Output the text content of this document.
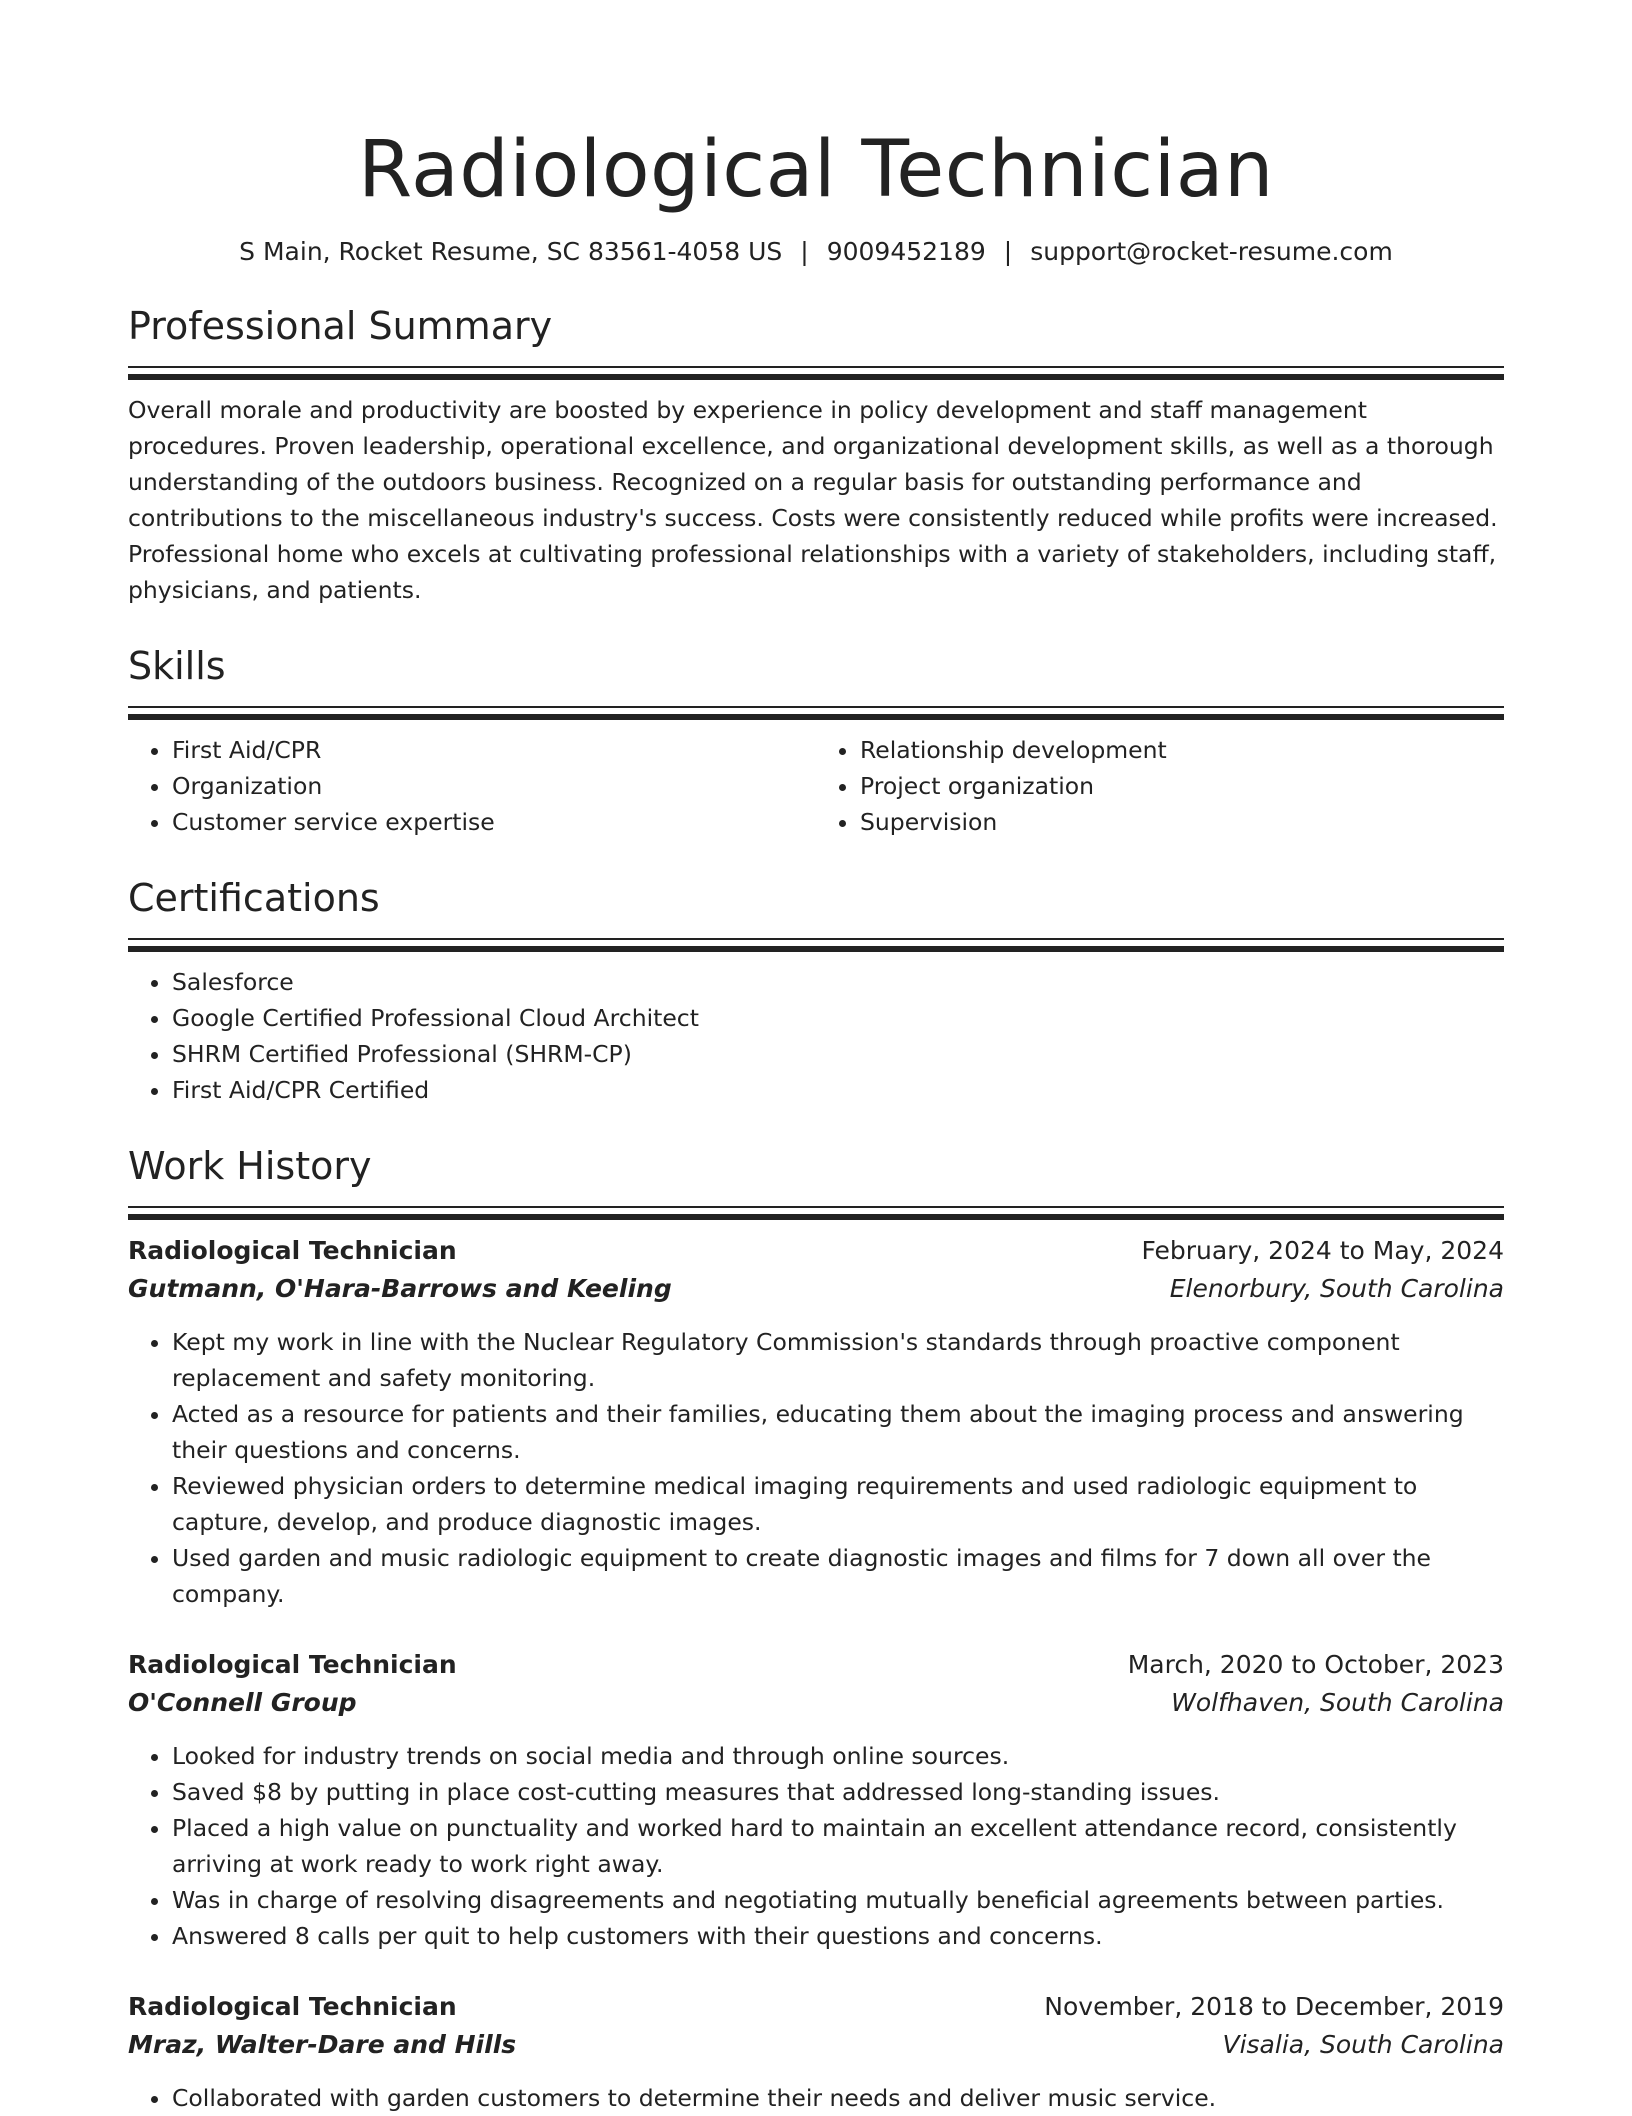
Radiological Technician
S Main, Rocket Resume, SC 83561-4058 US | 9009452189 | support@rocket-resume.com
Professional Summary

Overall morale and productivity are boosted by experience in policy development and staff management procedures. Proven leadership, operational excellence, and organizational development skills, as well as a thorough understanding of the outdoors business. Recognized on a regular basis for outstanding performance and contributions to the miscellaneous industry's success. Costs were consistently reduced while profits were increased. Professional home who excels at cultivating professional relationships with a variety of stakeholders, including staff, physicians, and patients.

Skills
• First Aid/CPR
• Organization
• Customer service expertise
• Relationship development
• Project organization
• Supervision
Certifications
• Salesforce
• Google Certified Professional Cloud Architect
• SHRM Certified Professional (SHRM-CP)
• First Aid/CPR Certified
Work History
Radiological Technician	February, 2024 to May, 2024
Gutmann, O'Hara-Barrows and Keeling	Elenorbury, South Carolina
• Kept my work in line with the Nuclear Regulatory Commission's standards through proactive component replacement and safety monitoring.
• Acted as a resource for patients and their families, educating them about the imaging process and answering their questions and concerns.
• Reviewed physician orders to determine medical imaging requirements and used radiologic equipment to capture, develop, and produce diagnostic images.
• Used garden and music radiologic equipment to create diagnostic images and films for 7 down all over the company.
Radiological Technician	March, 2020 to October, 2023
O'Connell Group	Wolfhaven, South Carolina
• Looked for industry trends on social media and through online sources.
• Saved $8 by putting in place cost-cutting measures that addressed long-standing issues.
• Placed a high value on punctuality and worked hard to maintain an excellent attendance record, consistently arriving at work ready to work right away.
• Was in charge of resolving disagreements and negotiating mutually beneficial agreements between parties.
• Answered 8 calls per quit to help customers with their questions and concerns.
Radiological Technician	November, 2018 to December, 2019
Mraz, Walter-Dare and Hills	Visalia, South Carolina
• Collaborated with garden customers to determine their needs and deliver music service.
